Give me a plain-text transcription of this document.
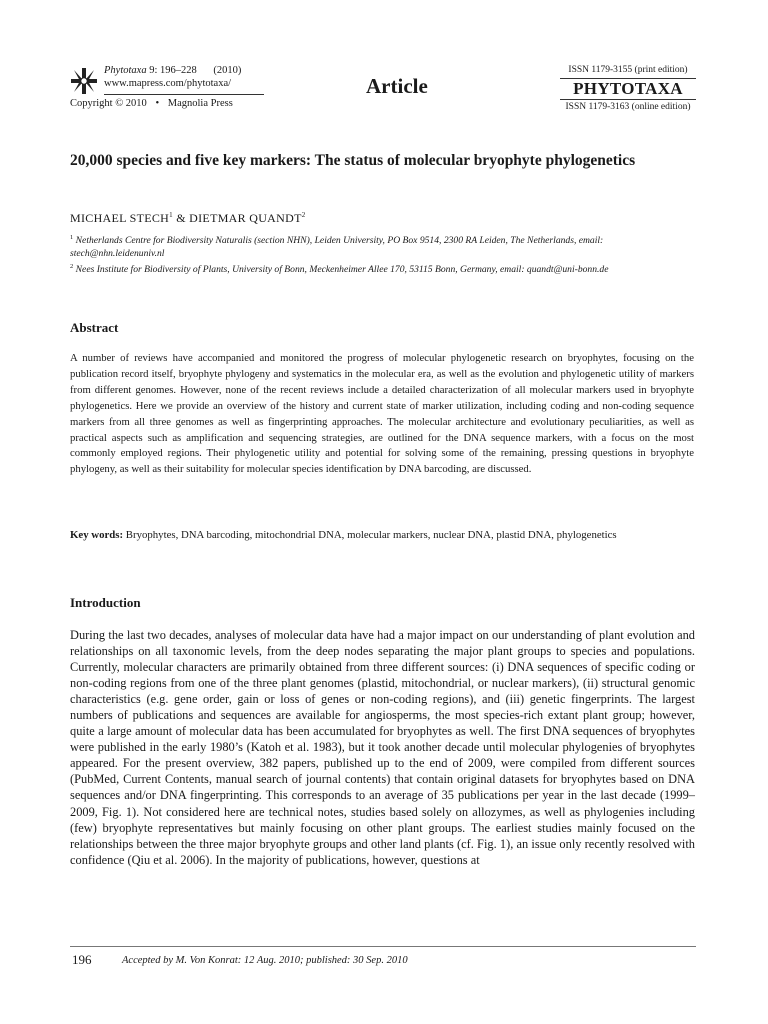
Phytotaxa 9: 196–228 (2010)
www.mapress.com/phytotaxa/
Copyright © 2010 • Magnolia Press
Article
ISSN 1179-3155 (print edition)
PHYTOTAXA
ISSN 1179-3163 (online edition)
20,000 species and five key markers: The status of molecular bryophyte phylogenetics
MICHAEL STECH$^1$ & DIETMAR QUANDT$^2$
$^1$ Netherlands Centre for Biodiversity Naturalis (section NHN), Leiden University, PO Box 9514, 2300 RA Leiden, The Netherlands, email: stech@nhn.leidenuniv.nl
$^2$ Nees Institute for Biodiversity of Plants, University of Bonn, Meckenheimer Allee 170, 53115 Bonn, Germany, email: quandt@uni-bonn.de
Abstract
A number of reviews have accompanied and monitored the progress of molecular phylogenetic research on bryophytes, focusing on the publication record itself, bryophyte phylogeny and systematics in the molecular era, as well as the evolution and phylogenetic utility of markers from different genomes. However, none of the recent reviews include a detailed characterization of all molecular markers used in bryophyte phylogenetics. Here we provide an overview of the history and current state of marker utilization, including coding and non-coding sequence markers from all three genomes as well as fingerprinting approaches. The molecular architecture and evolutionary peculiarities, as well as practical aspects such as amplification and sequencing strategies, are outlined for the DNA sequence markers, with a focus on the most commonly employed regions. Their phylogenetic utility and potential for solving some of the remaining, pressing questions in bryophyte phylogeny, as well as their suitability for molecular species identification by DNA barcoding, are discussed.
Key words: Bryophytes, DNA barcoding, mitochondrial DNA, molecular markers, nuclear DNA, plastid DNA, phylogenetics
Introduction
During the last two decades, analyses of molecular data have had a major impact on our understanding of plant evolution and relationships on all taxonomic levels, from the deep nodes separating the major plant groups to species and populations. Currently, molecular characters are primarily obtained from three different sources: (i) DNA sequences of specific coding or non-coding regions from one of the three plant genomes (plastid, mitochondrial, or nuclear markers), (ii) structural genomic characteristics (e.g. gene order, gain or loss of genes or non-coding regions), and (iii) genetic fingerprints. The largest numbers of publications and sequences are available for angiosperms, the most species-rich extant plant group; however, quite a large amount of molecular data has been accumulated for bryophytes as well. The first DNA sequences of bryophytes were published in the early 1980’s (Katoh et al. 1983), but it took another decade until molecular phylogenies of bryophytes appeared. For the present overview, 382 papers, published up to the end of 2009, were compiled from different sources (PubMed, Current Contents, manual search of journal contents) that contain original datasets for bryophytes based on DNA sequences and/or DNA fingerprinting. This corresponds to an average of 35 publications per year in the last decade (1999–2009, Fig. 1). Not considered here are technical notes, studies based solely on allozymes, as well as phylogenies including (few) bryophyte representatives but mainly focusing on other plant groups. The earliest studies mainly focused on the relationships between the three major bryophyte groups and other land plants (cf. Fig. 1), an issue only recently resolved with confidence (Qiu et al. 2006). In the majority of publications, however, questions at
196	Accepted by M. Von Konrat: 12 Aug. 2010; published: 30 Sep. 2010
